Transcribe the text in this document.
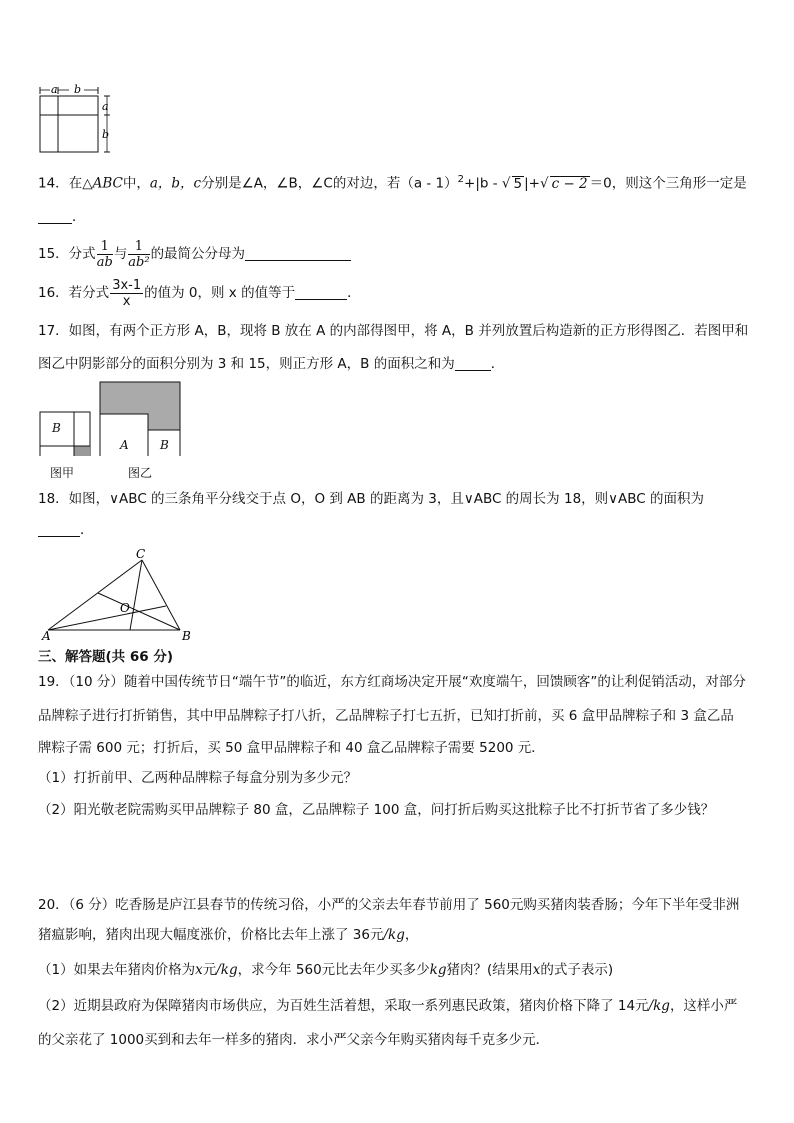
a b
a
b
14．在△ABC中，a，b，c分别是∠A，∠B，∠C的对边，若（a - 1）$^2$+|b - √ 5 |+√ c − 2 ＝0，则这个三角形一定是
．
15．分式 $\frac{1}{ab}$ 与 $\frac{1}{\text{ab²}}$ 的最简公分母为
16．若分式 $\frac{3x-1}{x}$ 的值为 0，则 x 的值等于	．
17．如图，有两个正方形 A，B，现将 B 放在 A 的内部得图甲，将 A，B 并列放置后构造新的正方形得图乙．若图甲和
图乙中阴影部分的面积分别为 3 和 15，则正方形 A，B 的面积之和为	．
B
A	B
图甲	图乙
18．如图，∨ABC 的三条角平分线交于点 O，O 到 AB 的距离为 3，且∨ABC 的周长为 18，则∨ABC 的面积为
．
C
O
A	B
三、解答题(共 66 分)
19．（10 分）随着中国传统节日“端午节”的临近，东方红商场决定开展“欢度端午，回馈顾客”的让利促销活动，对部分
品牌粽子进行打折销售，其中甲品牌粽子打八折，乙品牌粽子打七五折，已知打折前，买 6 盒甲品牌粽子和 3 盒乙品
牌粽子需 600 元；打折后，买 50 盒甲品牌粽子和 40 盒乙品牌粽子需要 5200 元．
（1）打折前甲、乙两种品牌粽子每盒分别为多少元？
（2）阳光敬老院需购买甲品牌粽子 80 盒，乙品牌粽子 100 盒，问打折后购买这批粽子比不打折节省了多少钱？
20．（6 分）吃香肠是庐江县春节的传统习俗，小严的父亲去年春节前用了 560元购买猪肉装香肠；今年下半年受非洲
猪瘟影响，猪肉出现大幅度涨价，价格比去年上涨了 36元/kg，
（1）如果去年猪肉价格为x元/kg，求今年 560元比去年少买多少kg猪肉？(结果用x的式子表示)
（2）近期县政府为保障猪肉市场供应，为百姓生活着想，采取一系列惠民政策，猪肉价格下降了 14元/kg，这样小严
的父亲花了 1000买到和去年一样多的猪肉．求小严父亲今年购买猪肉每千克多少元．
